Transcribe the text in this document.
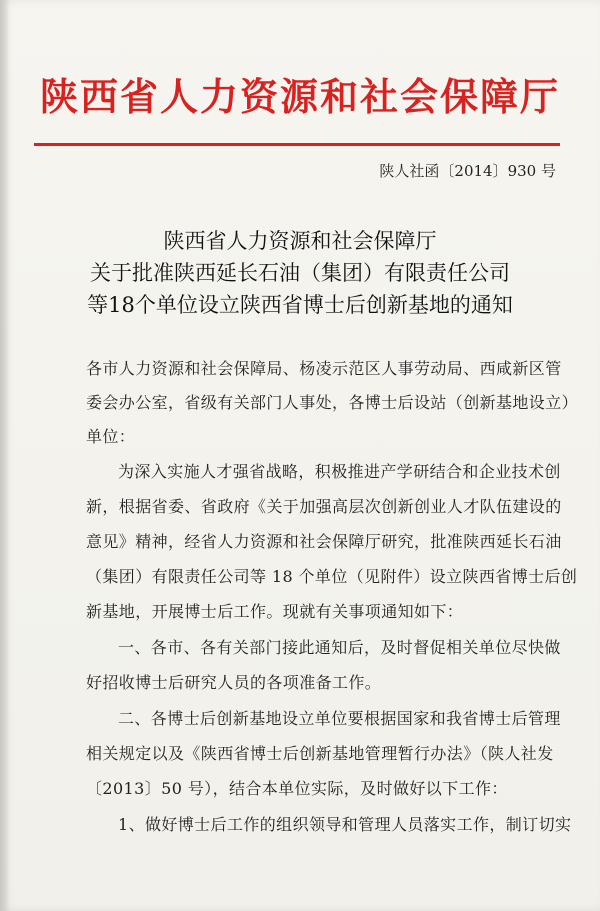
陕西省人力资源和社会保障厅
陕人社函〔2014〕930 号
陕西省人力资源和社会保障厅
关于批准陕西延长石油（集团）有限责任公司
等18个单位设立陕西省博士后创新基地的通知
各市人力资源和社会保障局、杨凌示范区人事劳动局、西咸新区管
委会办公室，省级有关部门人事处，各博士后设站（创新基地设立）
单位：
为深入实施人才强省战略，积极推进产学研结合和企业技术创
新，根据省委、省政府《关于加强高层次创新创业人才队伍建设的
意见》精神，经省人力资源和社会保障厅研究，批准陕西延长石油
（集团）有限责任公司等 18 个单位（见附件）设立陕西省博士后创
新基地，开展博士后工作。现就有关事项通知如下：
一、各市、各有关部门接此通知后，及时督促相关单位尽快做
好招收博士后研究人员的各项准备工作。
二、各博士后创新基地设立单位要根据国家和我省博士后管理
相关规定以及《陕西省博士后创新基地管理暂行办法》（陕人社发
〔2013〕50 号），结合本单位实际，及时做好以下工作：
1、做好博士后工作的组织领导和管理人员落实工作，制订切实
